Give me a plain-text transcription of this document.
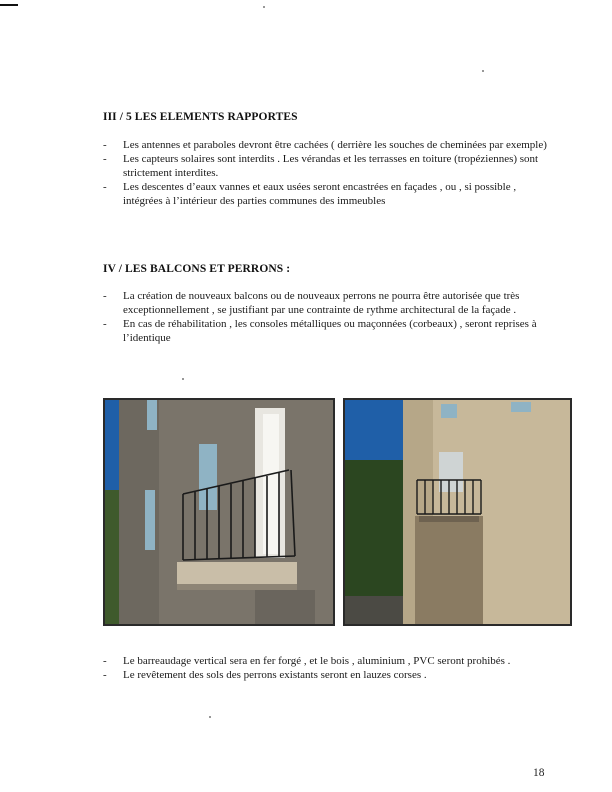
III / 5 LES ELEMENTS RAPPORTES
- Les antennes et paraboles devront être cachées ( derrière les souches de cheminées par exemple)
- Les capteurs solaires sont interdits . Les vérandas et les terrasses en toiture (tropéziennes) sont strictement interdites.
- Les descentes d’eaux vannes et eaux usées seront encastrées en façades , ou , si possible , intégrées à l’intérieur des parties communes des immeubles
IV / LES BALCONS ET PERRONS :
- La création de nouveaux balcons ou de nouveaux perrons ne pourra être autorisée que très exceptionnellement , se justifiant par une contrainte de rythme architectural de la façade .
- En cas de réhabilitation , les consoles métalliques ou maçonnées (corbeaux) , seront reprises à l’identique
- Le barreaudage vertical sera en fer forgé , et le bois , aluminium , PVC seront prohibés .
- Le revêtement des sols des perrons existants seront en lauzes corses .
18
